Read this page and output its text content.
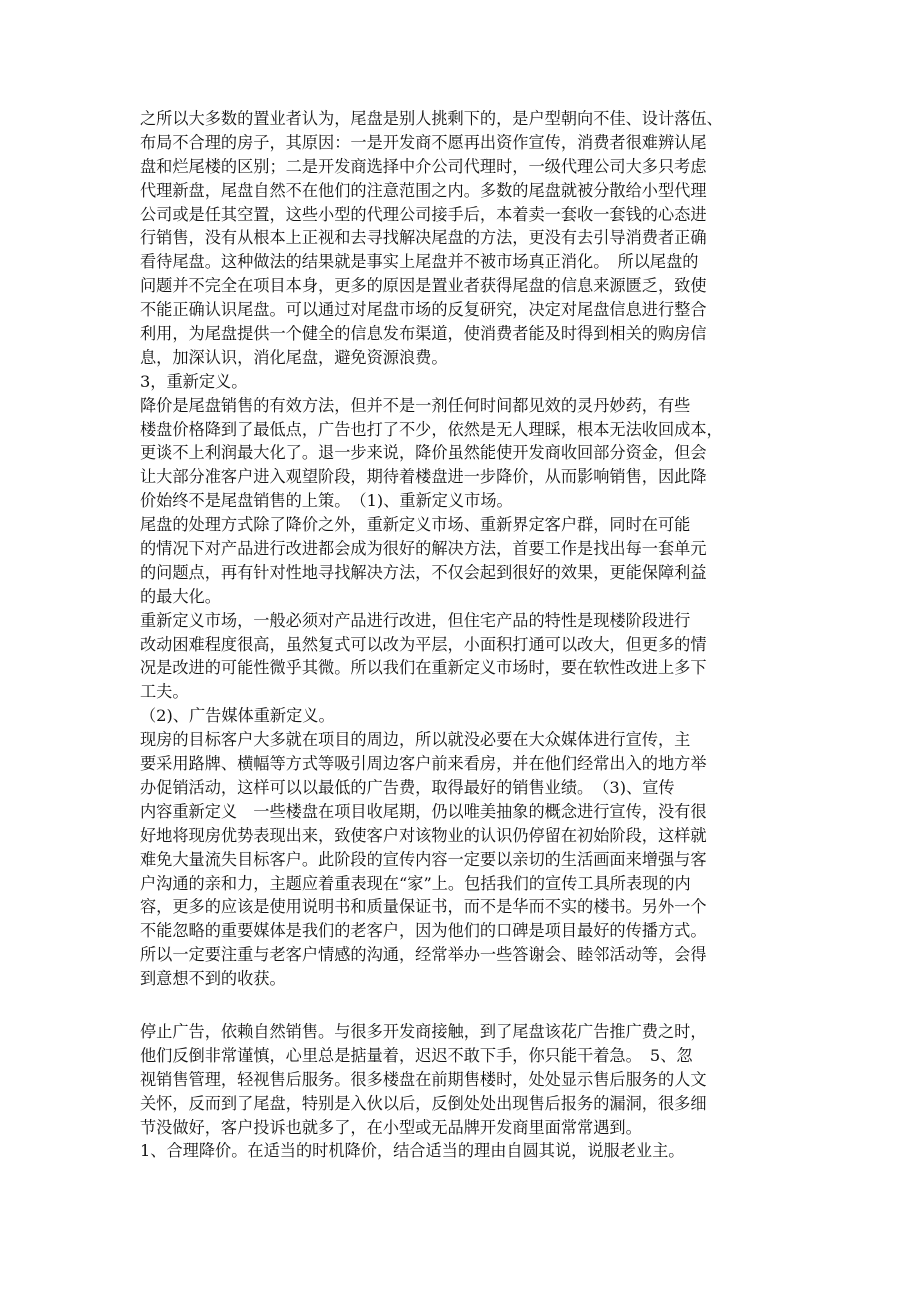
之所以大多数的置业者认为，尾盘是别人挑剩下的，是户型朝向不佳、设计落伍、
布局不合理的房子，其原因：一是开发商不愿再出资作宣传，消费者很难辨认尾
盘和烂尾楼的区别；二是开发商选择中介公司代理时，一级代理公司大多只考虑
代理新盘，尾盘自然不在他们的注意范围之内。多数的尾盘就被分散给小型代理
公司或是任其空置，这些小型的代理公司接手后，本着卖一套收一套钱的心态进
行销售，没有从根本上正视和去寻找解决尾盘的方法，更没有去引导消费者正确
看待尾盘。这种做法的结果就是事实上尾盘并不被市场真正消化。　所以尾盘的
问题并不完全在项目本身，更多的原因是置业者获得尾盘的信息来源匮乏，致使
不能正确认识尾盘。可以通过对尾盘市场的反复研究，决定对尾盘信息进行整合
利用，为尾盘提供一个健全的信息发布渠道，使消费者能及时得到相关的购房信
息，加深认识，消化尾盘，避免资源浪费。
3，重新定义。
降价是尾盘销售的有效方法，但并不是一剂任何时间都见效的灵丹妙药，有些
楼盘价格降到了最低点，广告也打了不少，依然是无人理睬，根本无法收回成本，
更谈不上利润最大化了。退一步来说，降价虽然能使开发商收回部分资金，但会
让大部分准客户进入观望阶段，期待着楼盘进一步降价，从而影响销售，因此降
价始终不是尾盘销售的上策。　（1)、重新定义市场。
尾盘的处理方式除了降价之外，重新定义市场、重新界定客户群，同时在可能
的情况下对产品进行改进都会成为很好的解决方法，首要工作是找出每一套单元
的问题点，再有针对性地寻找解决方法，不仅会起到很好的效果，更能保障利益
的最大化。
重新定义市场，一般必须对产品进行改进，但住宅产品的特性是现楼阶段进行
改动困难程度很高，虽然复式可以改为平层，小面积打通可以改大，但更多的情
况是改进的可能性微乎其微。所以我们在重新定义市场时，要在软性改进上多下
工夫。
（2)、广告媒体重新定义。
现房的目标客户大多就在项目的周边，所以就没必要在大众媒体进行宣传，主
要采用路牌、横幅等方式等吸引周边客户前来看房，并在他们经常出入的地方举
办促销活动，这样可以以最低的广告费，取得最好的销售业绩。　（3)、宣传
内容重新定义　一些楼盘在项目收尾期，仍以唯美抽象的概念进行宣传，没有很
好地将现房优势表现出来，致使客户对该物业的认识仍停留在初始阶段，这样就
难免大量流失目标客户。此阶段的宣传内容一定要以亲切的生活画面来增强与客
户沟通的亲和力，主题应着重表现在“家”上。包括我们的宣传工具所表现的内
容，更多的应该是使用说明书和质量保证书，而不是华而不实的楼书。另外一个
不能忽略的重要媒体是我们的老客户，因为他们的口碑是项目最好的传播方式。
所以一定要注重与老客户情感的沟通，经常举办一些答谢会、睦邻活动等，会得
到意想不到的收获。
停止广告，依赖自然销售。与很多开发商接触，到了尾盘该花广告推广费之时，
他们反倒非常谨慎，心里总是掂量着，迟迟不敢下手，你只能干着急。　5、忽
视销售管理，轻视售后服务。很多楼盘在前期售楼时，处处显示售后服务的人文
关怀，反而到了尾盘，特别是入伙以后，反倒处处出现售后报务的漏洞，很多细
节没做好，客户投诉也就多了，在小型或无品牌开发商里面常常遇到。
1、合理降价。在适当的时机降价，结合适当的理由自圆其说，说服老业主。
